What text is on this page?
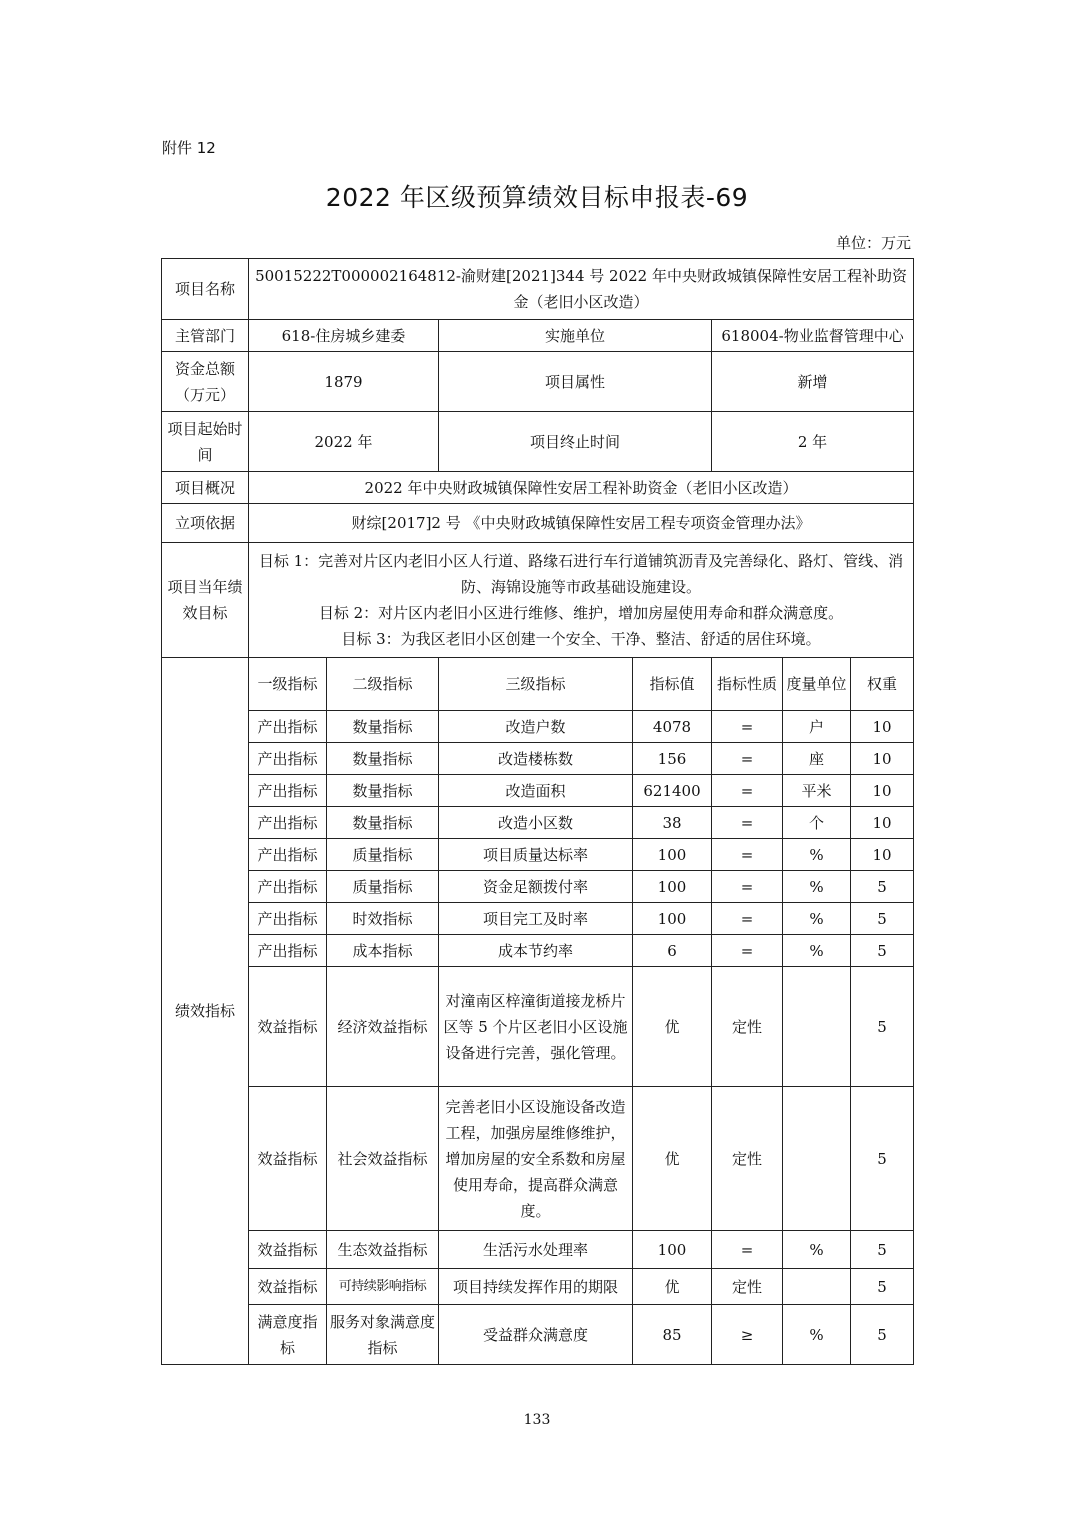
附件 12
2022 年区级预算绩效目标申报表-69
单位：万元
项目名称	50015222T000002164812-渝财建[2021]344 号 2022 年中央财政城镇保障性安居工程补助资金（老旧小区改造）						
主管部门	618-住房城乡建委		实施单位		618004-物业监督管理中心		
资金总额（万元）	1879		项目属性		新增		
项目起始时间	2022 年		项目终止时间		2 年		
项目概况	2022 年中央财政城镇保障性安居工程补助资金（老旧小区改造）						
立项依据	财综[2017]2 号 《中央财政城镇保障性安居工程专项资金管理办法》						
项目当年绩效目标	目标 1：完善对片区内老旧小区人行道、路缘石进行车行道铺筑沥青及完善绿化、路灯、管线、消防、海锦设施等市政基础设施建设。
目标 2：对片区内老旧小区进行维修、维护，增加房屋使用寿命和群众满意度。
目标 3：为我区老旧小区创建一个安全、干净、整洁、舒适的居住环境。						

绩效指标	一级指标	二级指标	三级指标	指标值	指标性质	度量单位	权重
	产出指标	数量指标	改造户数	4078	=	户	10
	产出指标	数量指标	改造楼栋数	156	=	座	10
	产出指标	数量指标	改造面积	621400	=	平米	10
	产出指标	数量指标	改造小区数	38	=	个	10
	产出指标	质量指标	项目质量达标率	100	=	%	10
	产出指标	质量指标	资金足额拨付率	100	=	%	5
	产出指标	时效指标	项目完工及时率	100	=	%	5
	产出指标	成本指标	成本节约率	6	=	%	5
	效益指标	经济效益指标	对潼南区梓潼街道接龙桥片区等 5 个片区老旧小区设施设备进行完善，强化管理。	优	定性		5
	效益指标	社会效益指标	完善老旧小区设施设备改造工程，加强房屋维修维护，增加房屋的安全系数和房屋使用寿命，提高群众满意度。	优	定性		5
	效益指标	生态效益指标	生活污水处理率	100	=	%	5
	效益指标	可持续影响指标	项目持续发挥作用的期限	优	定性		5
	满意度指标	服务对象满意度指标	受益群众满意度	85	≥	%	5
133
